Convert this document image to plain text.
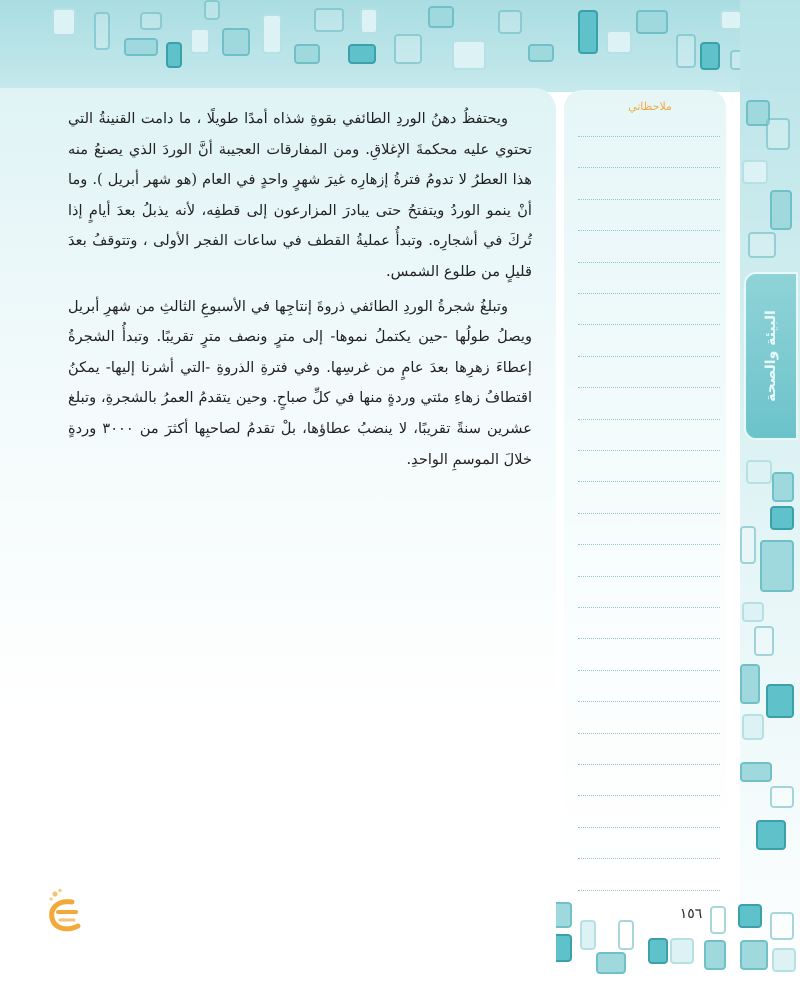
ملاحظاتي
البيئة والصحة

ويحتفظُ دهنُ الوردِ الطائفي بقوةِ شذاه أمدًا طويلًا ، ما دامت القنينةُ التي تحتوي عليه محكمةَ الإغلاقِ. ومن المفارقات العجيبة أنَّ الوردَ الذي يصنعُ منه هذا العطرُ لا تدومُ فترةُ إزهارِه غيرَ شهرٍ واحدٍ في العام (هو شهر أبريل ). وما أنْ ينمو الوردُ ويتفتحُ حتى يبادرَ المزارعون إلى قطفِه، لأنه يذبلُ بعدَ أيامٍ إذا تُركَ في أشجارِه. وتبدأُ عمليةُ القطف في ساعات الفجر الأولى ، وتتوقفُ بعدَ قليلٍ من طلوع الشمس.

وتبلغُ شجرةُ الوردِ الطائفي ذروةَ إنتاجِها في الأسبوعِ الثالثِ من شهرِ أبريل ويصلُ طولُها -حين يكتملُ نموها- إلى مترٍ ونصف مترٍ تقريبًا. وتبدأُ الشجرةُ إعطاءَ زهرِها بعدَ عامٍ من غرسِها. وفي فترةِ الذروةِ -التي أشرنا إليها- يمكنُ اقتطافُ زهاءِ مئتي وردةٍ منها في كلِّ صباحٍ. وحين يتقدمُ العمرُ بالشجرةِ، وتبلغ عشرين سنةً تقريبًا، لا ينضبُ عطاؤها، بلْ تقدمُ لصاحبِها أكثرَ من ٣٠٠٠ وردةٍ خلالَ الموسمِ الواحدِ.

١٥٦
